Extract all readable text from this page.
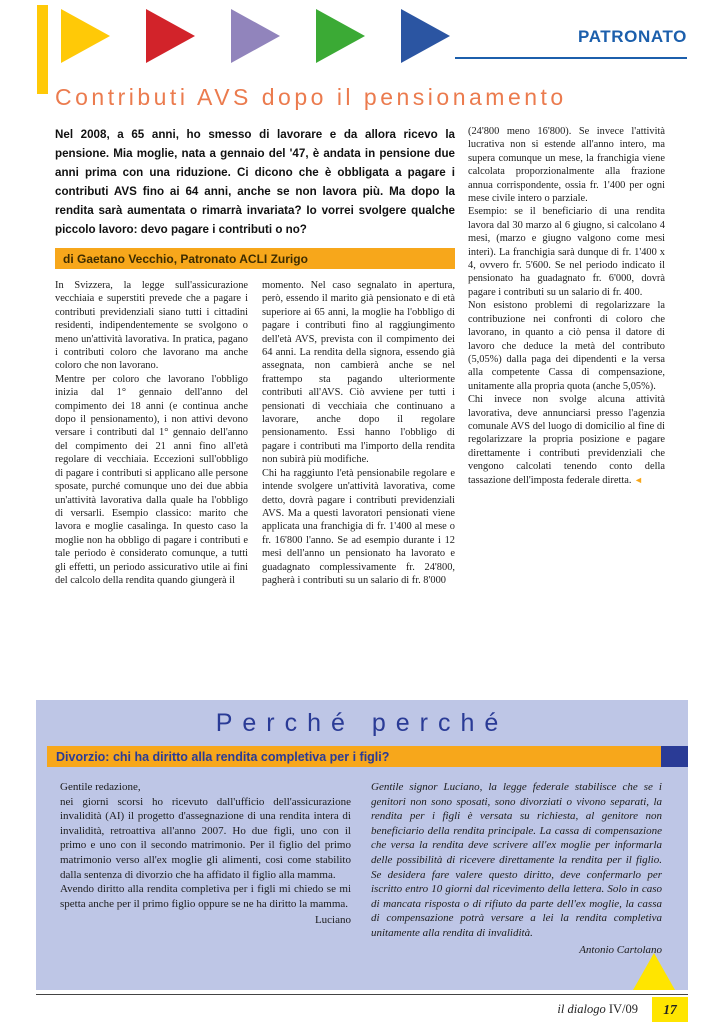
PATRONATO
Contributi AVS dopo il pensionamento

Nel 2008, a 65 anni, ho smesso di lavorare e da allora ricevo la pensione. Mia moglie, nata a gennaio del '47, è andata in pensione due anni prima con una riduzione. Ci dicono che è obbligata a pagare i contributi AVS fino ai 64 anni, anche se non lavora più. Ma dopo la rendita sarà aumentata o rimarrà invariata? Io vorrei svolgere qualche piccolo lavoro: devo pagare i contributi o no?

di Gaetano Vecchio, Patronato ACLI Zurigo

In Svizzera, la legge sull'assicurazione vecchiaia e superstiti prevede che a pagare i contributi previdenziali siano tutti i cittadini residenti, indipendentemente se svolgono o meno un'attività lavorativa. In pratica, pagano i contributi coloro che lavorano ma anche coloro che non lavorano.

Mentre per coloro che lavorano l'obbligo inizia dal 1° gennaio dell'anno del compimento dei 18 anni (e continua anche dopo il pensionamento), i non attivi devono versare i contributi dal 1° gennaio dell'anno del compimento dei 21 anni fino all'età regolare di vecchiaia. Eccezioni sull'obbligo di pagare i contributi si applicano alle persone sposate, purché comunque uno dei due abbia un'attività lavorativa dalla quale ha l'obbligo di versarli. Esempio classico: marito che lavora e moglie casalinga. In questo caso la moglie non ha obbligo di pagare i contributi e tale periodo è considerato comunque, a tutti gli effetti, un periodo assicurativo utile ai fini del calcolo della rendita quando giungerà il

momento. Nel caso segnalato in apertura, però, essendo il marito già pensionato e di età superiore ai 65 anni, la moglie ha l'obbligo di pagare i contributi fino al raggiungimento dell'età AVS, prevista con il compimento dei 64 anni. La rendita della signora, essendo già assegnata, non cambierà anche se nel frattempo sta pagando ulteriormente contributi all'AVS. Ciò avviene per tutti i pensionati di vecchiaia che continuano a lavorare, anche dopo il regolare pensionamento. Essi hanno l'obbligo di pagare i contributi ma l'importo della rendita non subirà più modifiche.

Chi ha raggiunto l'età pensionabile regolare e intende svolgere un'attività lavorativa, come detto, dovrà pagare i contributi previdenziali AVS. Ma a questi lavoratori pensionati viene applicata una franchigia di fr. 1'400 al mese o fr. 16'800 l'anno. Se ad esempio durante i 12 mesi dell'anno un pensionato ha lavorato e guadagnato complessivamente fr. 24'800, pagherà i contributi su un salario di fr. 8'000

(24'800 meno 16'800). Se invece l'attività lucrativa non si estende all'anno intero, ma supera comunque un mese, la franchigia viene calcolata proporzionalmente alla frazione annua corrispondente, ossia fr. 1'400 per ogni mese civile intero o parziale.

Esempio: se il beneficiario di una rendita lavora dal 30 marzo al 6 giugno, si calcolano 4 mesi, (marzo e giugno valgono come mesi interi). La franchigia sarà dunque di fr. 1'400 x 4, ovvero fr. 5'600. Se nel periodo indicato il pensionato ha guadagnato fr. 6'000, dovrà pagare i contributi su un salario di fr. 400.

Non esistono problemi di regolarizzare la contribuzione nei confronti di coloro che lavorano, in quanto a ciò pensa il datore di lavoro che deduce la metà del contributo (5,05%) dalla paga dei dipendenti e la versa alla competente Cassa di compensazione, unitamente alla propria quota (anche 5,05%).

Chi invece non svolge alcuna attività lavorativa, deve annunciarsi presso l'agenzia comunale AVS del luogo di domicilio al fine di regolarizzare la propria posizione e pagare direttamente i contributi previdenziali che vengono calcolati tenendo conto della tassazione dell'imposta federale diretta. ◄

Perché perché
Divorzio: chi ha diritto alla rendita completiva per i figli?

Gentile redazione,

nei giorni scorsi ho ricevuto dall'ufficio dell'assicurazione invalidità (AI) il progetto d'assegnazione di una rendita intera di invalidità, retroattiva all'anno 2007. Ho due figli, uno con il primo e uno con il secondo matrimonio. Per il figlio del primo matrimonio verso all'ex moglie gli alimenti, così come stabilito dalla sentenza di divorzio che ha affidato il figlio alla mamma.

Avendo diritto alla rendita completiva per i figli mi chiedo se mi spetta anche per il primo figlio oppure se ne ha diritto la mamma.

Luciano

Gentile signor Luciano, la legge federale stabilisce che se i genitori non sono sposati, sono divorziati o vivono separati, la rendita per i figli è versata su richiesta, al genitore non beneficiario della rendita principale. La cassa di compensazione che versa la rendita deve scrivere all'ex moglie per informarla delle possibilità di ricevere direttamente la rendita per il figlio. Se desidera fare valere questo diritto, deve confermarlo per iscritto entro 10 giorni dal ricevimento della lettera. Solo in caso di mancata risposta o di rifiuto da parte dell'ex moglie, la cassa di compensazione potrà versare a lei la rendita completiva unitamente alla rendita di invalidità.

Antonio Cartolano

il dialogo IV/09	17
